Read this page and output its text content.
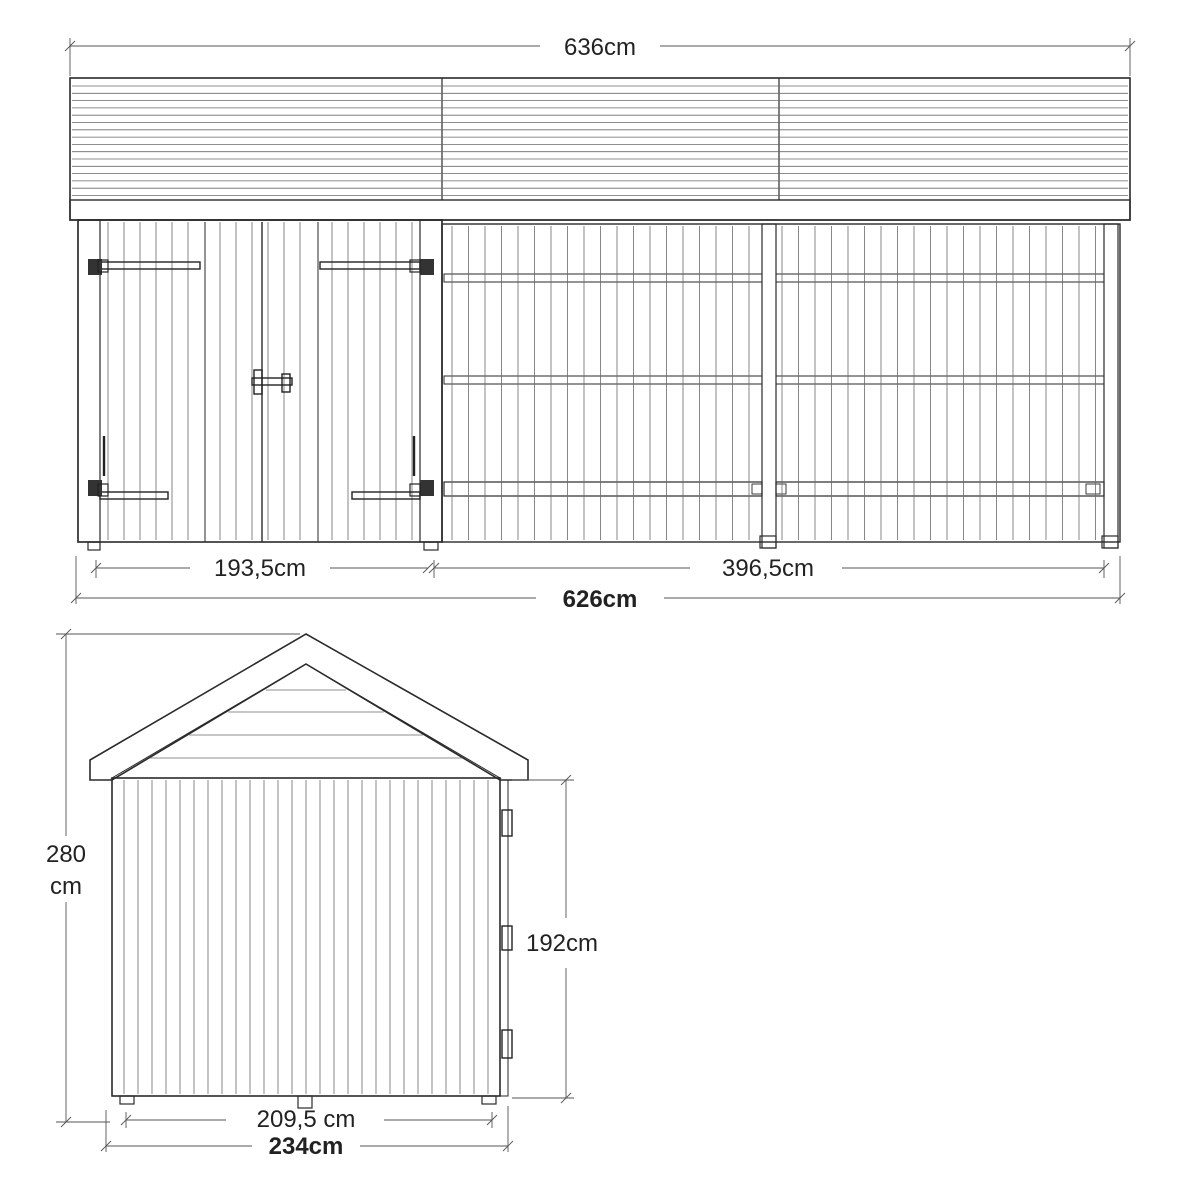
636cm
193,5cm	396,5cm
626cm
280
cm
192cm
209,5 cm
234cm
